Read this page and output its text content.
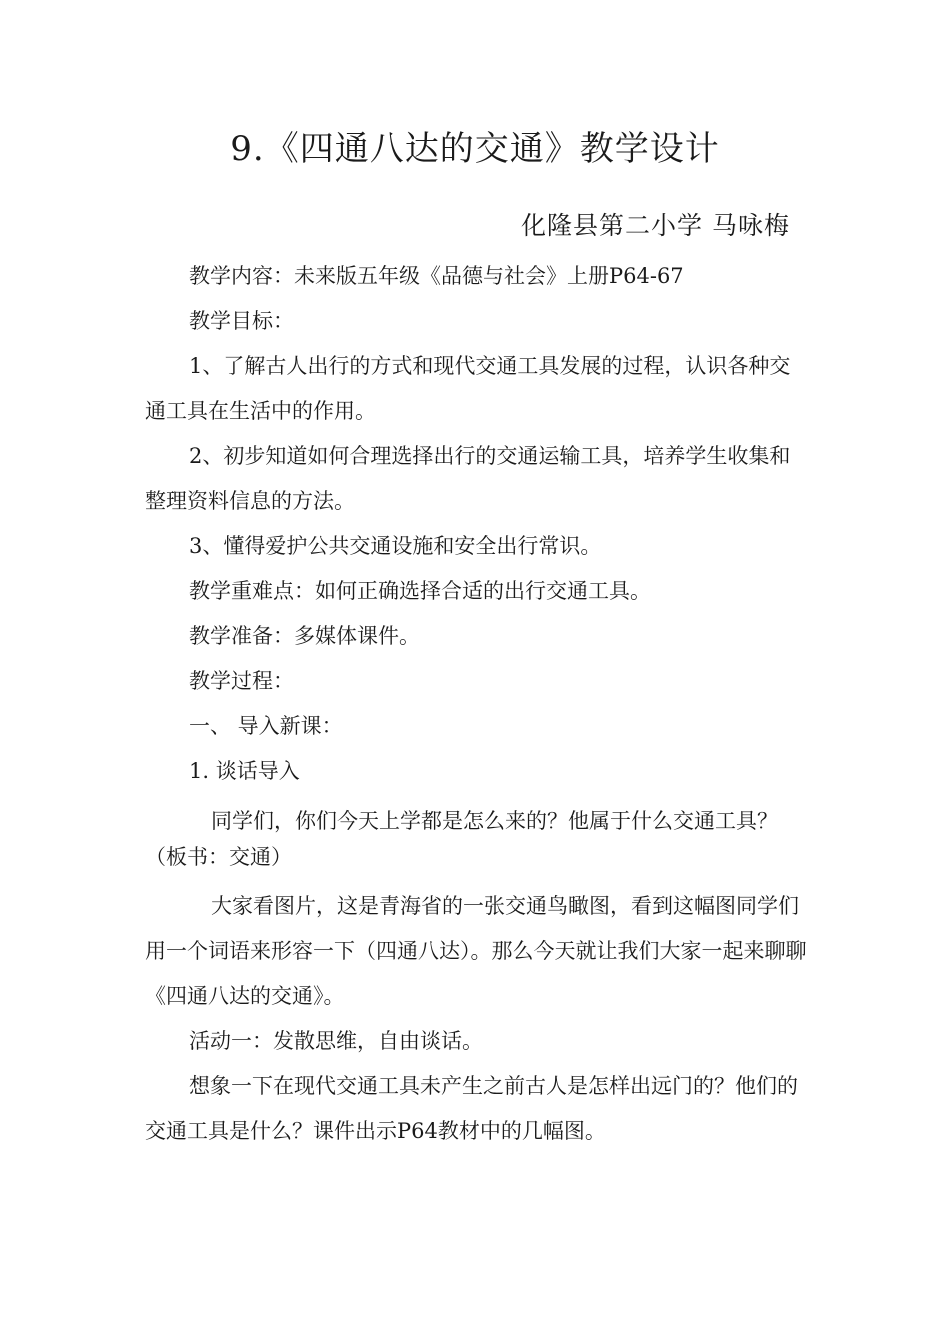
9.《四通八达的交通》教学设计
化隆县第二小学 马咏梅

教学内容：未来版五年级《品德与社会》上册P64-67

教学目标：

1、了解古人出行的方式和现代交通工具发展的过程，认识各种交通工具在生活中的作用。

2、初步知道如何合理选择出行的交通运输工具，培养学生收集和整理资料信息的方法。

3、懂得爱护公共交通设施和安全出行常识。

教学重难点：如何正确选择合适的出行交通工具。

教学准备：多媒体课件。

教学过程：

一、 导入新课：

1. 谈话导入

同学们，你们今天上学都是怎么来的？他属于什么交通工具？（板书：交通）

大家看图片，这是青海省的一张交通鸟瞰图，看到这幅图同学们用一个词语来形容一下（四通八达）。那么今天就让我们大家一起来聊聊《四通八达的交通》。

活动一：发散思维，自由谈话。

想象一下在现代交通工具未产生之前古人是怎样出远门的？他们的交通工具是什么？课件出示P64教材中的几幅图。
